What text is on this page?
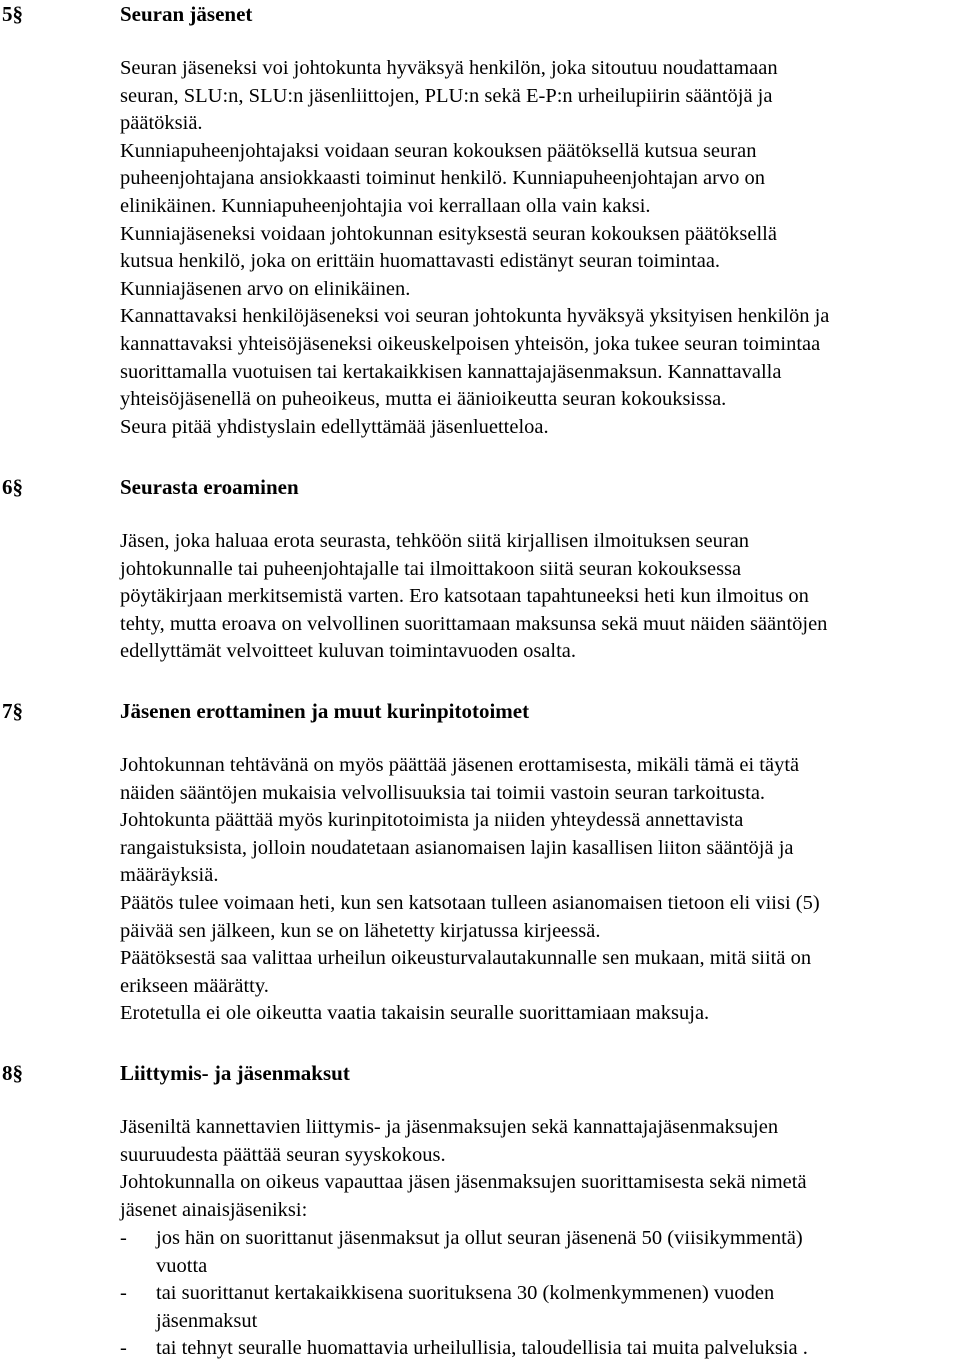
5§	Seuran jäsenet
Seuran jäseneksi voi johtokunta hyväksyä henkilön, joka sitoutuu noudattamaan
seuran, SLU:n, SLU:n jäsenliittojen, PLU:n sekä E-P:n urheilupiirin sääntöjä ja
päätöksiä.
Kunniapuheenjohtajaksi voidaan seuran kokouksen päätöksellä kutsua seuran
puheenjohtajana ansiokkaasti toiminut henkilö. Kunniapuheenjohtajan arvo on
elinikäinen. Kunniapuheenjohtajia voi kerrallaan olla vain kaksi.
Kunniajäseneksi voidaan johtokunnan esityksestä seuran kokouksen päätöksellä
kutsua henkilö, joka on erittäin huomattavasti edistänyt seuran toimintaa.
Kunniajäsenen arvo on elinikäinen.
Kannattavaksi henkilöjäseneksi voi seuran johtokunta hyväksyä yksityisen henkilön ja
kannattavaksi yhteisöjäseneksi oikeuskelpoisen yhteisön, joka tukee seuran toimintaa
suorittamalla vuotuisen tai kertakaikkisen kannattajajäsenmaksun. Kannattavalla
yhteisöjäsenellä on puheoikeus, mutta ei äänioikeutta seuran kokouksissa.
Seura pitää yhdistyslain edellyttämää jäsenluetteloa.
6§	Seurasta eroaminen
Jäsen, joka haluaa erota seurasta, tehköön siitä kirjallisen ilmoituksen seuran
johtokunnalle tai puheenjohtajalle tai ilmoittakoon siitä seuran kokouksessa
pöytäkirjaan merkitsemistä varten. Ero katsotaan tapahtuneeksi heti kun ilmoitus on
tehty, mutta eroava on velvollinen suorittamaan maksunsa sekä muut näiden sääntöjen
edellyttämät velvoitteet kuluvan toimintavuoden osalta.
7§	Jäsenen erottaminen ja muut kurinpitotoimet
Johtokunnan tehtävänä on myös päättää jäsenen erottamisesta, mikäli tämä ei täytä
näiden sääntöjen mukaisia velvollisuuksia tai toimii vastoin seuran tarkoitusta.
Johtokunta päättää myös kurinpitotoimista ja niiden yhteydessä annettavista
rangaistuksista, jolloin noudatetaan asianomaisen lajin kasallisen liiton sääntöjä ja
määräyksiä.
Päätös tulee voimaan heti, kun sen katsotaan tulleen asianomaisen tietoon eli viisi (5)
päivää sen jälkeen, kun se on lähetetty kirjatussa kirjeessä.
Päätöksestä saa valittaa urheilun oikeusturvalautakunnalle sen mukaan, mitä siitä on
erikseen määrätty.
Erotetulla ei ole oikeutta vaatia takaisin seuralle suorittamiaan maksuja.
8§	Liittymis- ja jäsenmaksut
Jäseniltä kannettavien liittymis- ja jäsenmaksujen sekä kannattajajäsenmaksujen
suuruudesta päättää seuran syyskokous.
Johtokunnalla on oikeus vapauttaa jäsen jäsenmaksujen suorittamisesta sekä nimetä
jäsenet ainaisjäseniksi:
- jos hän on suorittanut jäsenmaksut ja ollut seuran jäsenenä 50 (viisikymmentä)
vuotta
- tai suorittanut kertakaikkisena suorituksena 30 (kolmenkymmenen) vuoden
jäsenmaksut
- tai tehnyt seuralle huomattavia urheilullisia, taloudellisia tai muita palveluksia .
